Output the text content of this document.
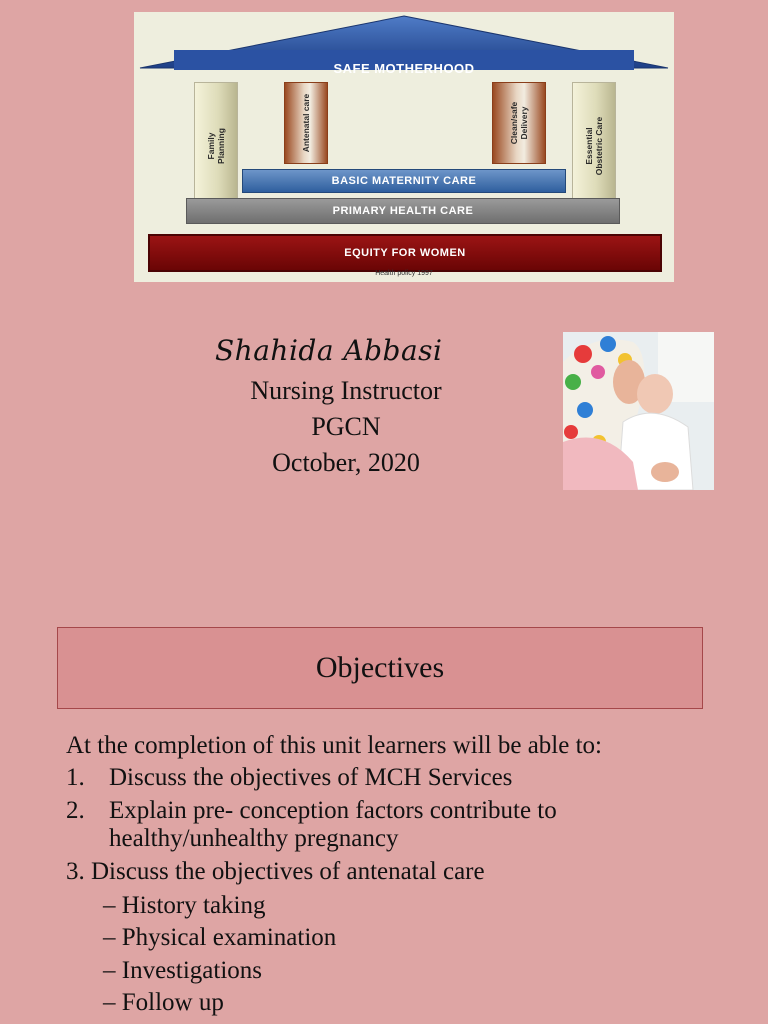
SAFE MOTHERHOOD
Family Planning	Antenatal care	Clean/safe Delivery
Essential Obstetric Care
BASIC MATERNITY CARE
PRIMARY HEALTH CARE
EQUITY FOR WOMEN
Health policy 1997
Shahida Abbasi
Nursing Instructor
PGCN
October, 2020
Objectives
At the completion of this unit learners will be able to:
1. Discuss the objectives of MCH Services
2. Explain pre- conception factors contribute to
healthy/unhealthy pregnancy
3. Discuss the objectives of antenatal care
– History taking
– Physical examination
– Investigations
– Follow up
